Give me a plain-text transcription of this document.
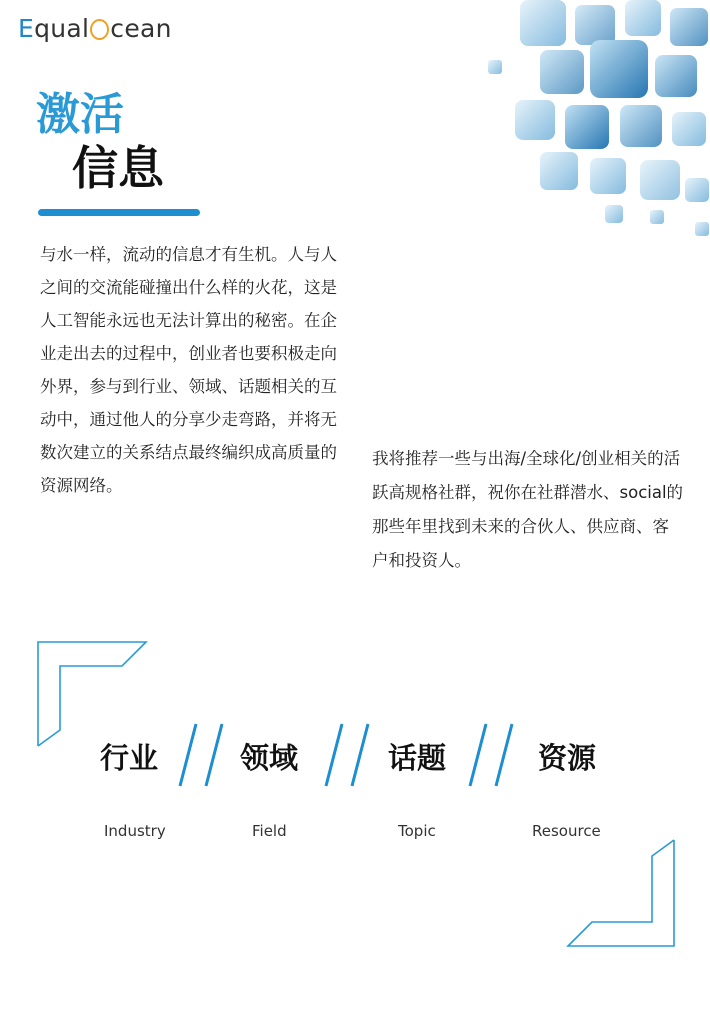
Equal cean
激活
信息

与水一样，流动的信息才有生机。人与人之间的交流能碰撞出什么样的火花，这是人工智能永远也无法计算出的秘密。在企业走出去的过程中，创业者也要积极走向外界，参与到行业、领域、话题相关的互动中，通过他人的分享少走弯路，并将无数次建立的关系结点最终编织成高质量的资源网络。

我将推荐一些与出海/全球化/创业相关的活跃高规格社群，祝你在社群潜水、social的那些年里找到未来的合伙人、供应商、客户和投资人。

行业	领域	话题	资源
Industry	Field	Topic	Resource
